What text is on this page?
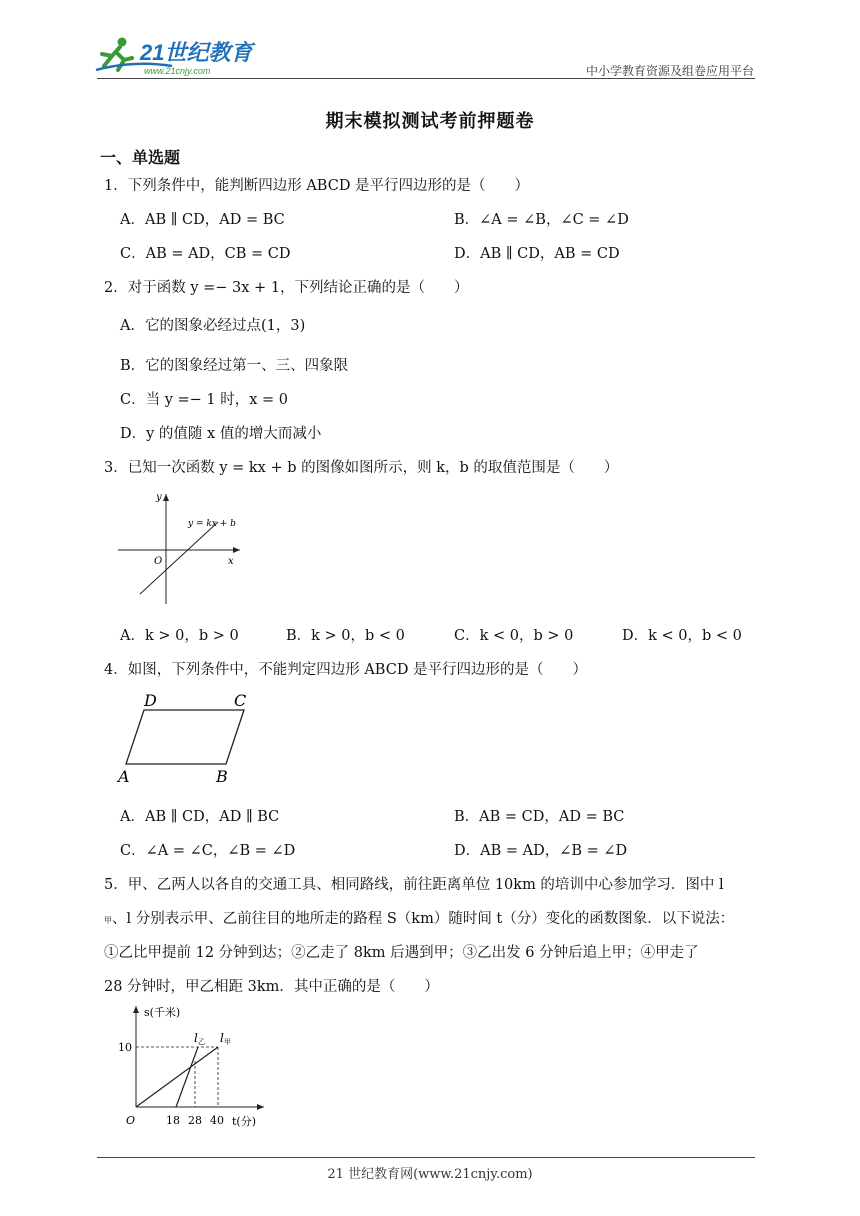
21世纪教育
www.21cnjy.com	中小学教育资源及组卷应用平台
期末模拟测试考前押题卷
一、单选题
1．下列条件中，能判断四边形 ABCD 是平行四边形的是（　　）
A．AB ∥ CD，AD = BC	B．∠A = ∠B，∠C = ∠D
C．AB = AD，CB = CD	D．AB ∥ CD，AB = CD
2．对于函数 y =− 3x + 1，下列结论正确的是（　　）
A．它的图象必经过点(1，3)
B．它的图象经过第一、三、四象限
C．当 y =− 1 时，x = 0
D．y 的值随 x 值的增大而减小
3．已知一次函数 y = kx + b 的图像如图所示，则 k，b 的取值范围是（　　）
y
x
O
y = kx + b
A．k > 0，b > 0	B．k > 0，b < 0	C．k < 0，b > 0	D．k < 0，b < 0
4．如图，下列条件中，不能判定四边形 ABCD 是平行四边形的是（　　）
D	C
A	B
A．AB ∥ CD，AD ∥ BC	B．AB = CD，AD = BC
C．∠A = ∠C，∠B = ∠D	D．AB = AD，∠B = ∠D
5．甲、乙两人以各自的交通工具、相同路线，前往距离单位 10km 的培训中心参加学习．图中 l
甲、l 分别表示甲、乙前往目的地所走的路程 S（km）随时间 t（分）变化的函数图象．以下说法：
①乙比甲提前 12 分钟到达；②乙走了 8km 后遇到甲；③乙出发 6 分钟后追上甲；④甲走了
28 分钟时，甲乙相距 3km．其中正确的是（　　）
s(千米)
t(分)
O
10
18 28 40
l 乙 l 甲
21 世纪教育网(www.21cnjy.com)
